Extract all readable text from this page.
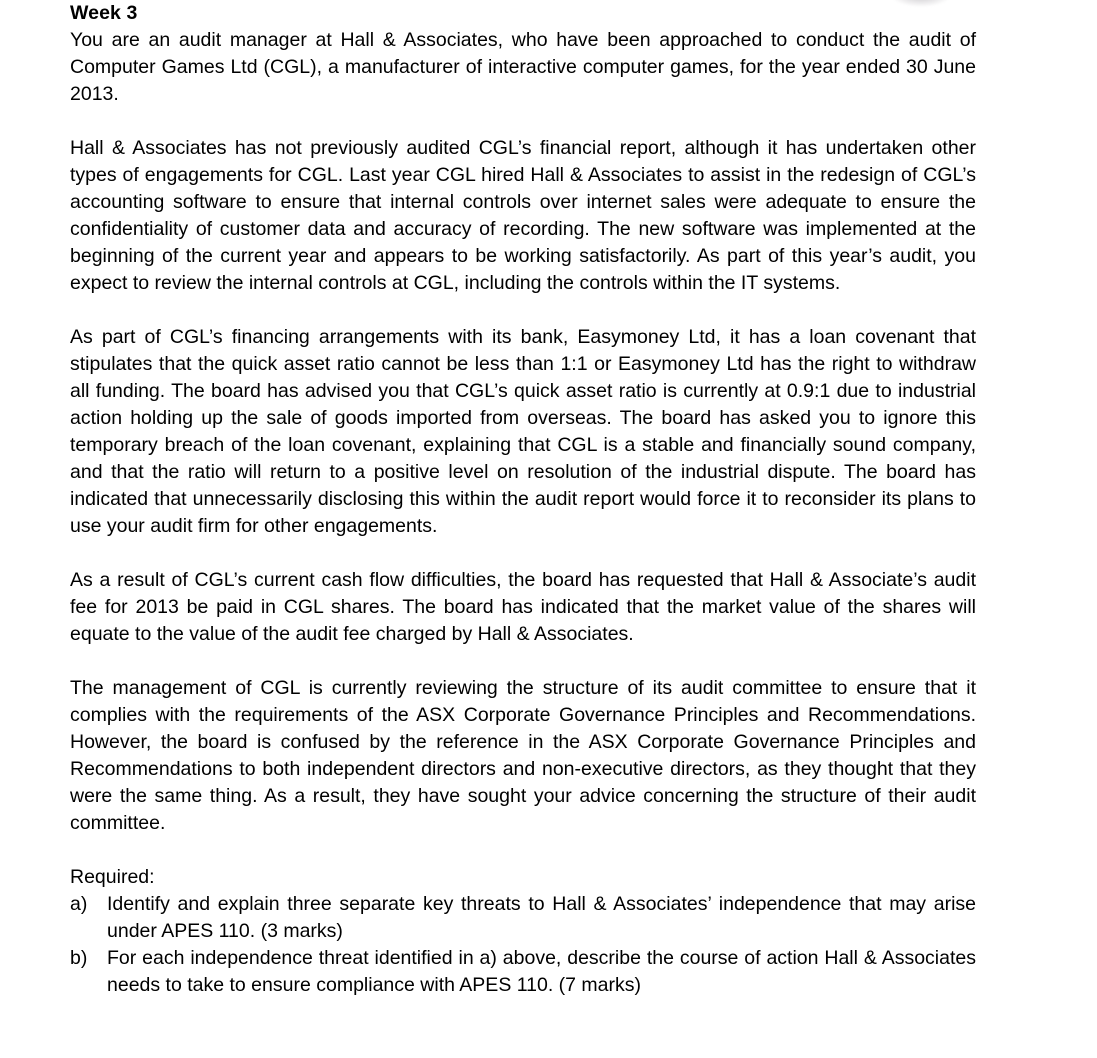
Week 3

You are an audit manager at Hall & Associates, who have been approached to conduct the audit of Computer Games Ltd (CGL), a manufacturer of interactive computer games, for the year ended 30 June 2013.

Hall & Associates has not previously audited CGL’s financial report, although it has undertaken other types of engagements for CGL. Last year CGL hired Hall & Associates to assist in the redesign of CGL’s accounting software to ensure that internal controls over internet sales were adequate to ensure the confidentiality of customer data and accuracy of recording. The new software was implemented at the beginning of the current year and appears to be working satisfactorily. As part of this year’s audit, you expect to review the internal controls at CGL, including the controls within the IT systems.

As part of CGL’s financing arrangements with its bank, Easymoney Ltd, it has a loan covenant that stipulates that the quick asset ratio cannot be less than 1:1 or Easymoney Ltd has the right to withdraw all funding. The board has advised you that CGL’s quick asset ratio is currently at 0.9:1 due to industrial action holding up the sale of goods imported from overseas. The board has asked you to ignore this temporary breach of the loan covenant, explaining that CGL is a stable and financially sound company, and that the ratio will return to a positive level on resolution of the industrial dispute. The board has indicated that unnecessarily disclosing this within the audit report would force it to reconsider its plans to use your audit firm for other engagements.

As a result of CGL’s current cash flow difficulties, the board has requested that Hall & Associate’s audit fee for 2013 be paid in CGL shares. The board has indicated that the market value of the shares will equate to the value of the audit fee charged by Hall & Associates.

The management of CGL is currently reviewing the structure of its audit committee to ensure that it complies with the requirements of the ASX Corporate Governance Principles and Recommendations. However, the board is confused by the reference in the ASX Corporate Governance Principles and Recommendations to both independent directors and non-executive directors, as they thought that they were the same thing. As a result, they have sought your advice concerning the structure of their audit committee.

Required:

a)	Identify and explain three separate key threats to Hall & Associates’ independence that may arise under APES 110. (3 marks)
b)	For each independence threat identified in a) above, describe the course of action Hall & Associates needs to take to ensure compliance with APES 110. (7 marks)
